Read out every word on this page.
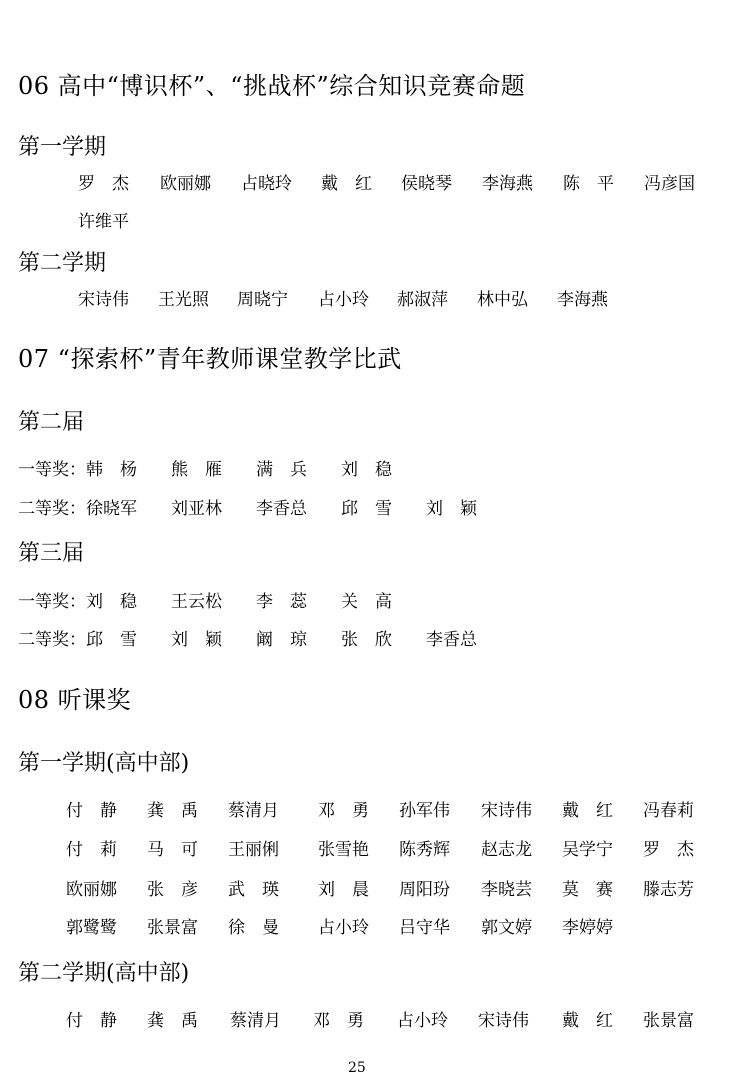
06 高中“博识杯”、“挑战杯”综合知识竞赛命题
第一学期
罗　杰 欧丽娜 占晓玲 戴　红 侯晓琴 李海燕 陈　平 冯彦国
许维平
第二学期
宋诗伟 王光照 周晓宁 占小玲 郝淑萍 林中弘 李海燕
07 “探索杯”青年教师课堂教学比武
第二届
一等奖：韩　杨　　熊　雁　　满　兵　　刘　稳
二等奖：徐晓军　　刘亚林　　李香总　　邱　雪　　刘　颖
第三届
一等奖：刘　稳　　王云松　　李　蕊　　关　高
二等奖：邱　雪　　刘　颖　　阚　琼　　张　欣　　李香总
08 听课奖
第一学期(高中部)
付　静 龚　禹 蔡清月 邓　勇 孙军伟 宋诗伟 戴　红 冯春莉
付　莉 马　可 王丽俐 张雪艳 陈秀辉 赵志龙 吴学宁 罗　杰
欧丽娜 张　彦 武　瑛 刘　晨 周阳玢 李晓芸 莫　赛 滕志芳
郭鹭鹭 张景富 徐　曼 占小玲 吕守华 郭文婷 李婷婷
第二学期(高中部)
付　静 龚　禹 蔡清月 邓　勇 占小玲 宋诗伟 戴　红 张景富
25
